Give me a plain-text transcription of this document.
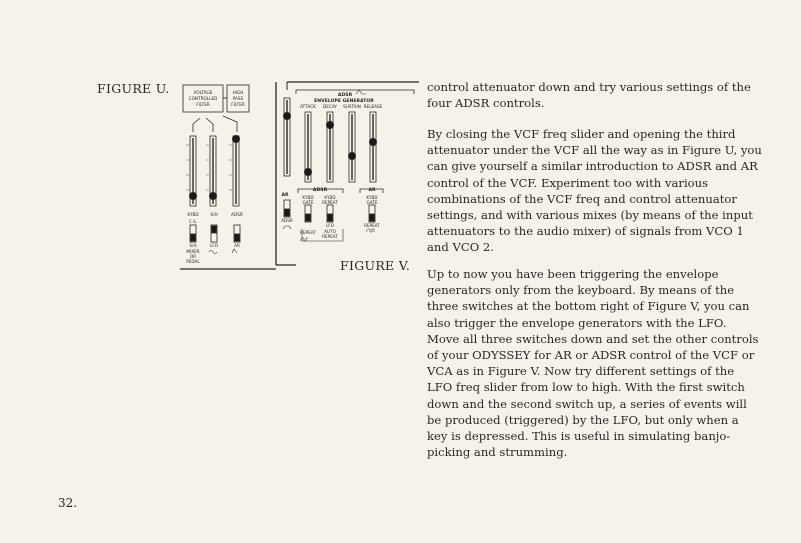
FIGURE U.
FIGURE V.
VOLTAGE
CONTROLLED
FILTER
HIGH
PASS
FILTER
KYBD	S/H	ADSR
C.S.
S/H	LFO	AR
MIXER
OR
PEDAL
ADSR
ENVELOPE GENERATOR
ATTACK DECAY SUSTAIN RELEASE
AR
ADSR	AR
KYBD
GATE
KYBD
REPEAT
KYBD
GATE
ADSR
LFO
REPEAT AUTO
REPEAT
REPEAT

control attenuator down and try various settings of the four ADSR controls.

By closing the VCF freq slider and opening the third attenuator under the VCF all the way as in Figure U, you can give yourself a similar introduction to ADSR and AR control of the VCF. Experiment too with various combinations of the VCF freq and control attenuator settings, and with various mixes (by means of the input attenuators to the audio mixer) of signals from VCO 1 and VCO 2.

Up to now you have been triggering the envelope generators only from the keyboard. By means of the three switches at the bottom right of Figure V, you can also trigger the envelope generators with the LFO. Move all three switches down and set the other controls of your ODYSSEY for AR or ADSR control of the VCF or VCA as in Figure V. Now try different settings of the LFO freq slider from low to high. With the first switch down and the second switch up, a series of events will be produced (triggered) by the LFO, but only when a key is depressed. This is useful in simulating banjo-picking and strumming.

32.
